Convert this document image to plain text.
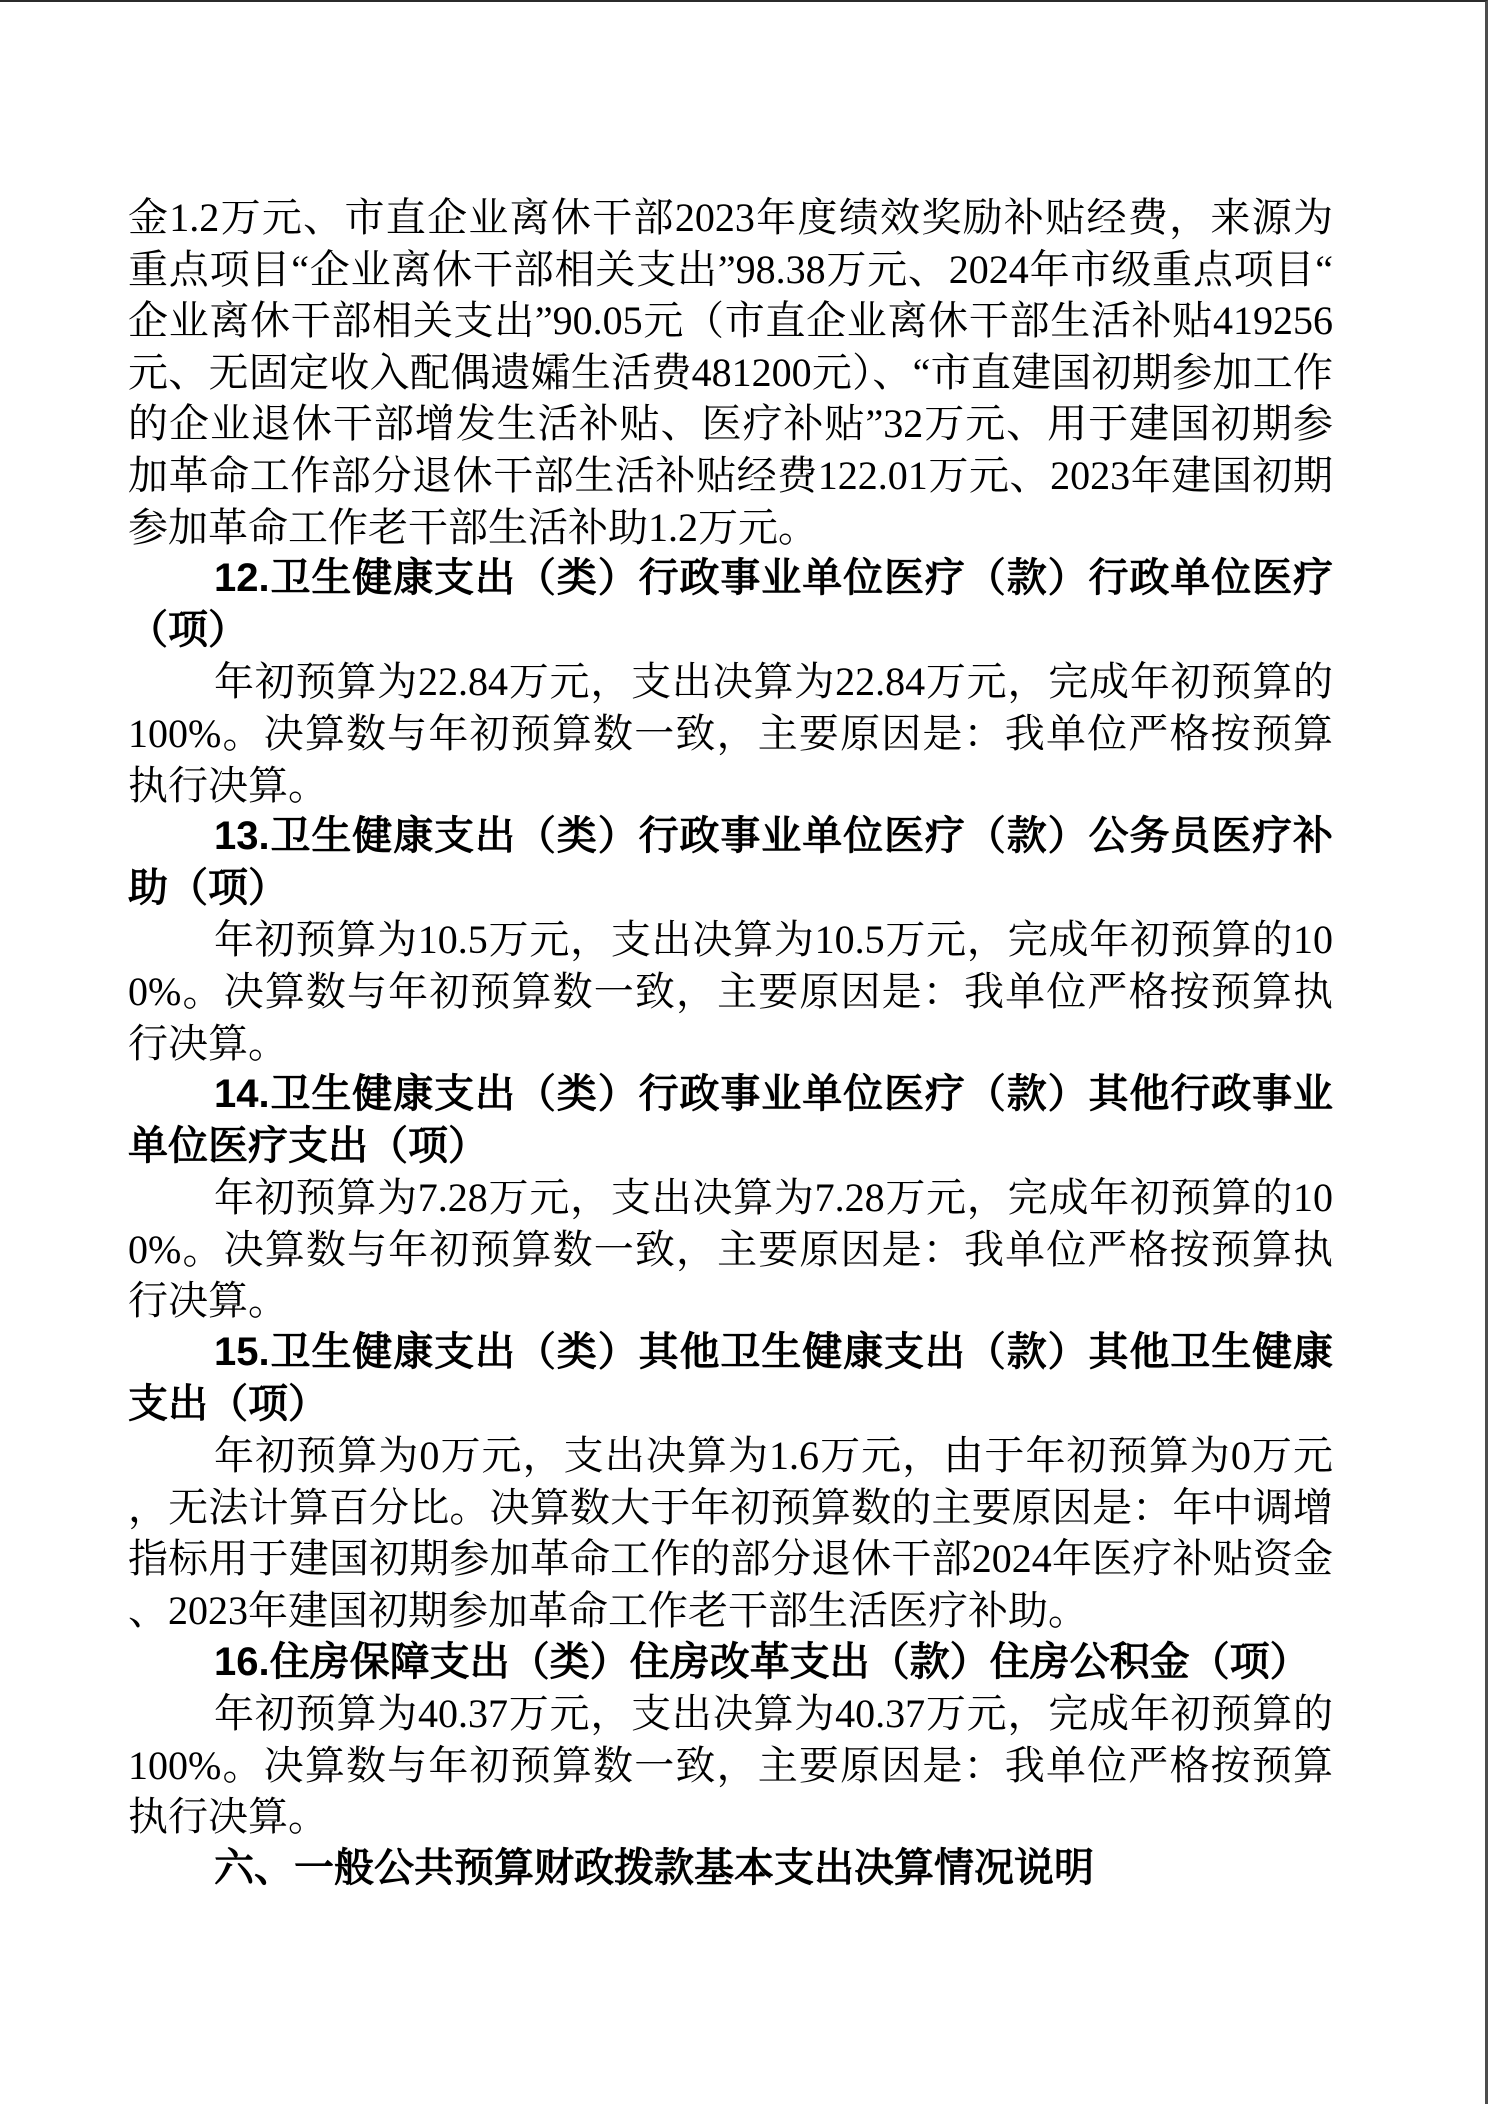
金1.2万元、市直企业离休干部2023年度绩效奖励补贴经费，来源为重点项目“企业离休干部相关支出”98.38万元、2024年市级重点项目“企业离休干部相关支出”90.05元（市直企业离休干部生活补贴419256元、无固定收入配偶遗孀生活费481200元）、“市直建国初期参加工作的企业退休干部增发生活补贴、医疗补贴”32万元、用于建国初期参加革命工作部分退休干部生活补贴经费122.01万元、2023年建国初期参加革命工作老干部生活补助1.2万元。

12.卫生健康支出（类）行政事业单位医疗（款）行政单位医疗（项）

年初预算为22.84万元，支出决算为22.84万元，完成年初预算的100%。决算数与年初预算数一致，主要原因是：我单位严格按预算执行决算。

13.卫生健康支出（类）行政事业单位医疗（款）公务员医疗补助（项）

年初预算为10.5万元，支出决算为10.5万元，完成年初预算的100%。决算数与年初预算数一致，主要原因是：我单位严格按预算执行决算。

14.卫生健康支出（类）行政事业单位医疗（款）其他行政事业单位医疗支出（项）

年初预算为7.28万元，支出决算为7.28万元，完成年初预算的100%。决算数与年初预算数一致，主要原因是：我单位严格按预算执行决算。

15.卫生健康支出（类）其他卫生健康支出（款）其他卫生健康支出（项）

年初预算为0万元，支出决算为1.6万元，由于年初预算为0万元，无法计算百分比。决算数大于年初预算数的主要原因是：年中调增指标用于建国初期参加革命工作的部分退休干部2024年医疗补贴资金、2023年建国初期参加革命工作老干部生活医疗补助。

16.住房保障支出（类）住房改革支出（款）住房公积金（项）

年初预算为40.37万元，支出决算为40.37万元，完成年初预算的100%。决算数与年初预算数一致，主要原因是：我单位严格按预算执行决算。

六、一般公共预算财政拨款基本支出决算情况说明
